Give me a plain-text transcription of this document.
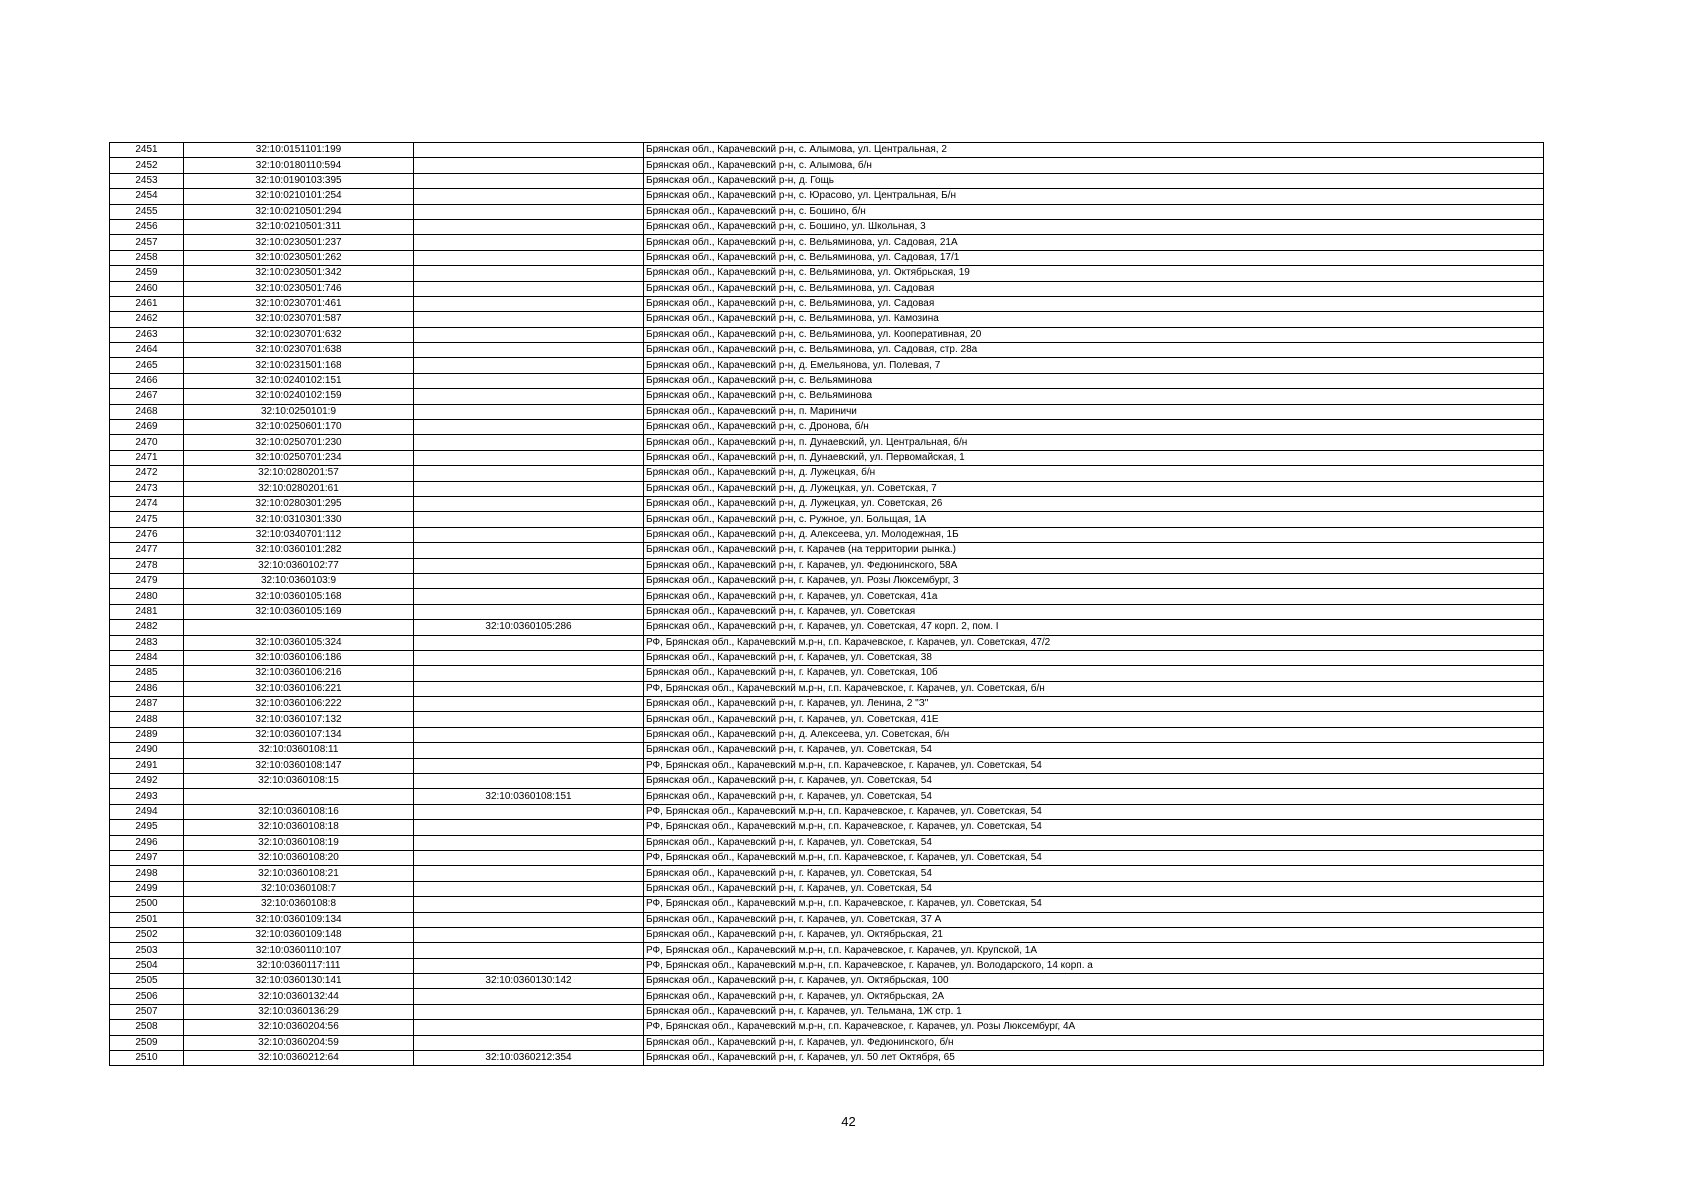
2451	32:10:0151101:199		Брянская обл., Карачевский р-н, с. Алымова, ул. Центральная, 2
2452	32:10:0180110:594		Брянская обл., Карачевский р-н, с. Алымова, б/н
2453	32:10:0190103:395		Брянская обл., Карачевский р-н, д. Гощь
2454	32:10:0210101:254		Брянская обл., Карачевский р-н, с. Юрасово, ул. Центральная, Б/н
2455	32:10:0210501:294		Брянская обл., Карачевский р-н, с. Бошино, б/н
2456	32:10:0210501:311		Брянская обл., Карачевский р-н, с. Бошино, ул. Школьная, 3
2457	32:10:0230501:237		Брянская обл., Карачевский р-н, с. Вельяминова, ул. Садовая, 21А
2458	32:10:0230501:262		Брянская обл., Карачевский р-н, с. Вельяминова, ул. Садовая, 17/1
2459	32:10:0230501:342		Брянская обл., Карачевский р-н, с. Вельяминова, ул. Октябрьская, 19
2460	32:10:0230501:746		Брянская обл., Карачевский р-н, с. Вельяминова, ул. Садовая
2461	32:10:0230701:461		Брянская обл., Карачевский р-н, с. Вельяминова, ул. Садовая
2462	32:10:0230701:587		Брянская обл., Карачевский р-н, с. Вельяминова, ул. Камозина
2463	32:10:0230701:632		Брянская обл., Карачевский р-н, с. Вельяминова, ул. Кооперативная, 20
2464	32:10:0230701:638		Брянская обл., Карачевский р-н, с. Вельяминова, ул. Садовая, стр. 28а
2465	32:10:0231501:168		Брянская обл., Карачевский р-н, д. Емельянова, ул. Полевая, 7
2466	32:10:0240102:151		Брянская обл., Карачевский р-н, с. Вельяминова
2467	32:10:0240102:159		Брянская обл., Карачевский р-н, с. Вельяминова
2468	32:10:0250101:9		Брянская обл., Карачевский р-н, п. Мариничи
2469	32:10:0250601:170		Брянская обл., Карачевский р-н, с. Дронова, б/н
2470	32:10:0250701:230		Брянская обл., Карачевский р-н, п. Дунаевский, ул. Центральная, б/н
2471	32:10:0250701:234		Брянская обл., Карачевский р-н, п. Дунаевский, ул. Первомайская, 1
2472	32:10:0280201:57		Брянская обл., Карачевский р-н, д. Лужецкая, б/н
2473	32:10:0280201:61		Брянская обл., Карачевский р-н, д. Лужецкая, ул. Советская, 7
2474	32:10:0280301:295		Брянская обл., Карачевский р-н, д. Лужецкая, ул. Советская, 26
2475	32:10:0310301:330		Брянская обл., Карачевский р-н, с. Ружное, ул. Больщая, 1А
2476	32:10:0340701:112		Брянская обл., Карачевский р-н, д. Алексеева, ул. Молодежная, 1Б
2477	32:10:0360101:282		Брянская обл., Карачевский р-н, г. Карачев (на территории рынка.)
2478	32:10:0360102:77		Брянская обл., Карачевский р-н, г. Карачев, ул. Федюнинского, 58А
2479	32:10:0360103:9		Брянская обл., Карачевский р-н, г. Карачев, ул. Розы Люксембург, 3
2480	32:10:0360105:168		Брянская обл., Карачевский р-н, г. Карачев, ул. Советская, 41а
2481	32:10:0360105:169		Брянская обл., Карачевский р-н, г. Карачев, ул. Советская
2482		32:10:0360105:286	Брянская обл., Карачевский р-н, г. Карачев, ул. Советская, 47 корп. 2, пом. I
2483	32:10:0360105:324		РФ, Брянская обл., Карачевский м.р-н, г.п. Карачевское, г. Карачев, ул. Советская, 47/2
2484	32:10:0360106:186		Брянская обл., Карачевский р-н, г. Карачев, ул. Советская, 38
2485	32:10:0360106:216		Брянская обл., Карачевский р-н, г. Карачев, ул. Советская, 10б
2486	32:10:0360106:221		РФ, Брянская обл., Карачевский м.р-н, г.п. Карачевское, г. Карачев, ул. Советская, б/н
2487	32:10:0360106:222		Брянская обл., Карачевский р-н, г. Карачев, ул. Ленина, 2 "З"
2488	32:10:0360107:132		Брянская обл., Карачевский р-н, г. Карачев, ул. Советская, 41Е
2489	32:10:0360107:134		Брянская обл., Карачевский р-н, д. Алексеева, ул. Советская, б/н
2490	32:10:0360108:11		Брянская обл., Карачевский р-н, г. Карачев, ул. Советская, 54
2491	32:10:0360108:147		РФ, Брянская обл., Карачевский м.р-н, г.п. Карачевское, г. Карачев, ул. Советская, 54
2492	32:10:0360108:15		Брянская обл., Карачевский р-н, г. Карачев, ул. Советская, 54
2493		32:10:0360108:151	Брянская обл., Карачевский р-н, г. Карачев, ул. Советская, 54
2494	32:10:0360108:16		РФ, Брянская обл., Карачевский м.р-н, г.п. Карачевское, г. Карачев, ул. Советская, 54
2495	32:10:0360108:18		РФ, Брянская обл., Карачевский м.р-н, г.п. Карачевское, г. Карачев, ул. Советская, 54
2496	32:10:0360108:19		Брянская обл., Карачевский р-н, г. Карачев, ул. Советская, 54
2497	32:10:0360108:20		РФ, Брянская обл., Карачевский м.р-н, г.п. Карачевское, г. Карачев, ул. Советская, 54
2498	32:10:0360108:21		Брянская обл., Карачевский р-н, г. Карачев, ул. Советская, 54
2499	32:10:0360108:7		Брянская обл., Карачевский р-н, г. Карачев, ул. Советская, 54
2500	32:10:0360108:8		РФ, Брянская обл., Карачевский м.р-н, г.п. Карачевское, г. Карачев, ул. Советская, 54
2501	32:10:0360109:134		Брянская обл., Карачевский р-н, г. Карачев, ул. Советская, 37 А
2502	32:10:0360109:148		Брянская обл., Карачевский р-н, г. Карачев, ул. Октябрьская, 21
2503	32:10:0360110:107		РФ, Брянская обл., Карачевский м.р-н, г.п. Карачевское, г. Карачев, ул. Крупской, 1А
2504	32:10:0360117:111		РФ, Брянская обл., Карачевский м.р-н, г.п. Карачевское, г. Карачев, ул. Володарского, 14 корп. а
2505	32:10:0360130:141	32:10:0360130:142	Брянская обл., Карачевский р-н, г. Карачев, ул. Октябрьская, 100
2506	32:10:0360132:44		Брянская обл., Карачевский р-н, г. Карачев, ул. Октябрьская, 2А
2507	32:10:0360136:29		Брянская обл., Карачевский р-н, г. Карачев, ул. Тельмана, 1Ж стр. 1
2508	32:10:0360204:56		РФ, Брянская обл., Карачевский м.р-н, г.п. Карачевское, г. Карачев, ул. Розы Люксембург, 4А
2509	32:10:0360204:59		Брянская обл., Карачевский р-н, г. Карачев, ул. Федюнинского, б/н
2510	32:10:0360212:64	32:10:0360212:354	Брянская обл., Карачевский р-н, г. Карачев, ул. 50 лет Октября, 65
42
